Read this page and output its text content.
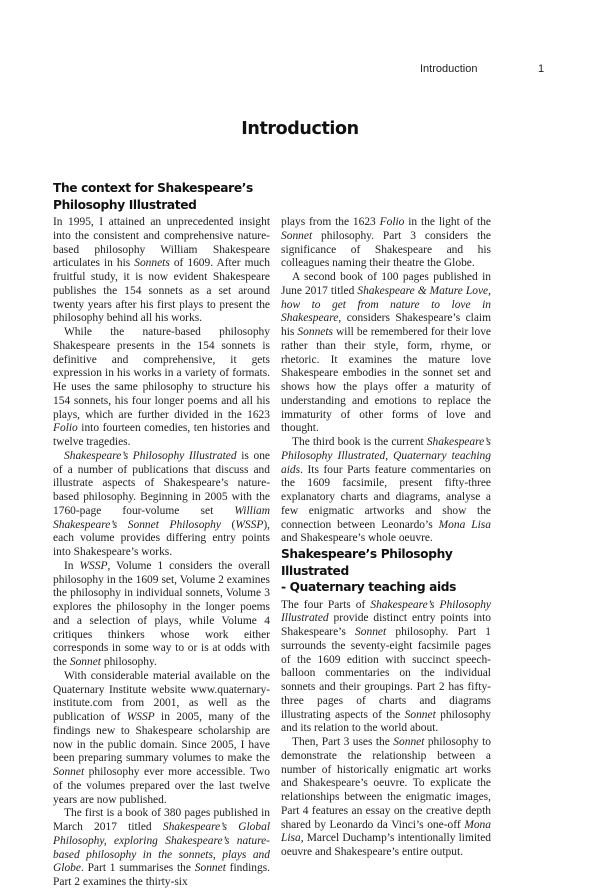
Introduction	1
Introduction
The context for Shakespeare’s
Philosophy Illustrated

In 1995, I attained an unprecedented insight into the consistent and comprehensive nature-based philosophy William Shakespeare articulates in his Sonnets of 1609. After much fruitful study, it is now evident Shakespeare publishes the 154 sonnets as a set around twenty years after his first plays to present the philosophy behind all his works.

While the nature-based philosophy Shakespeare presents in the 154 sonnets is definitive and comprehensive, it gets expression in his works in a variety of formats. He uses the same philosophy to structure his 154 sonnets, his four longer poems and all his plays, which are further divided in the 1623 Folio into fourteen comedies, ten histories and twelve tragedies.

Shakespeare’s Philosophy Illustrated is one of a number of publications that discuss and illustrate aspects of Shakespeare’s nature-based philosophy. Beginning in 2005 with the 1760-page four-volume set William Shakespeare’s Sonnet Philosophy (WSSP), each volume provides differing entry points into Shakespeare’s works.

In WSSP, Volume 1 considers the overall philosophy in the 1609 set, Volume 2 examines the philosophy in individual sonnets, Volume 3 explores the philosophy in the longer poems and a selection of plays, while Volume 4 critiques thinkers whose work either corresponds in some way to or is at odds with the Sonnet philosophy.

With considerable material available on the Quaternary Institute website www.quaternary-institute.com from 2001, as well as the publication of WSSP in 2005, many of the findings new to Shakespeare scholarship are now in the public domain. Since 2005, I have been preparing summary volumes to make the Sonnet philosophy ever more accessible. Two of the volumes prepared over the last twelve years are now published.

The first is a book of 380 pages published in March 2017 titled Shakespeare’s Global Philosophy, exploring Shakespeare’s nature-based philosophy in the sonnets, plays and Globe. Part 1 summarises the Sonnet findings. Part 2 examines the thirty-six

plays from the 1623 Folio in the light of the Sonnet philosophy. Part 3 considers the significance of Shakespeare and his colleagues naming their theatre the Globe.

A second book of 100 pages published in June 2017 titled Shakespeare & Mature Love, how to get from nature to love in Shakespeare, considers Shakespeare’s claim his Sonnets will be remembered for their love rather than their style, form, rhyme, or rhetoric. It examines the mature love Shakespeare embodies in the sonnet set and shows how the plays offer a maturity of understanding and emotions to replace the immaturity of other forms of love and thought.

The third book is the current Shakespeare’s Philosophy Illustrated, Quaternary teaching aids. Its four Parts feature commentaries on the 1609 facsimile, present fifty-three explanatory charts and diagrams, analyse a few enigmatic artworks and show the connection between Leonardo’s Mona Lisa and Shakespeare’s whole oeuvre.

Shakespeare’s Philosophy Illustrated
- Quaternary teaching aids

The four Parts of Shakespeare’s Philosophy Illustrated provide distinct entry points into Shakespeare’s Sonnet philosophy. Part 1 surrounds the seventy-eight facsimile pages of the 1609 edition with succinct speech-balloon commentaries on the individual sonnets and their groupings. Part 2 has fifty-three pages of charts and diagrams illustrating aspects of the Sonnet philosophy and its relation to the world about.

Then, Part 3 uses the Sonnet philosophy to demonstrate the relationship between a number of historically enigmatic art works and Shakespeare’s oeuvre. To explicate the relationships between the enigmatic images, Part 4 features an essay on the creative depth shared by Leonardo da Vinci’s one-off Mona Lisa, Marcel Duchamp’s intentionally limited oeuvre and Shakespeare’s entire output.
